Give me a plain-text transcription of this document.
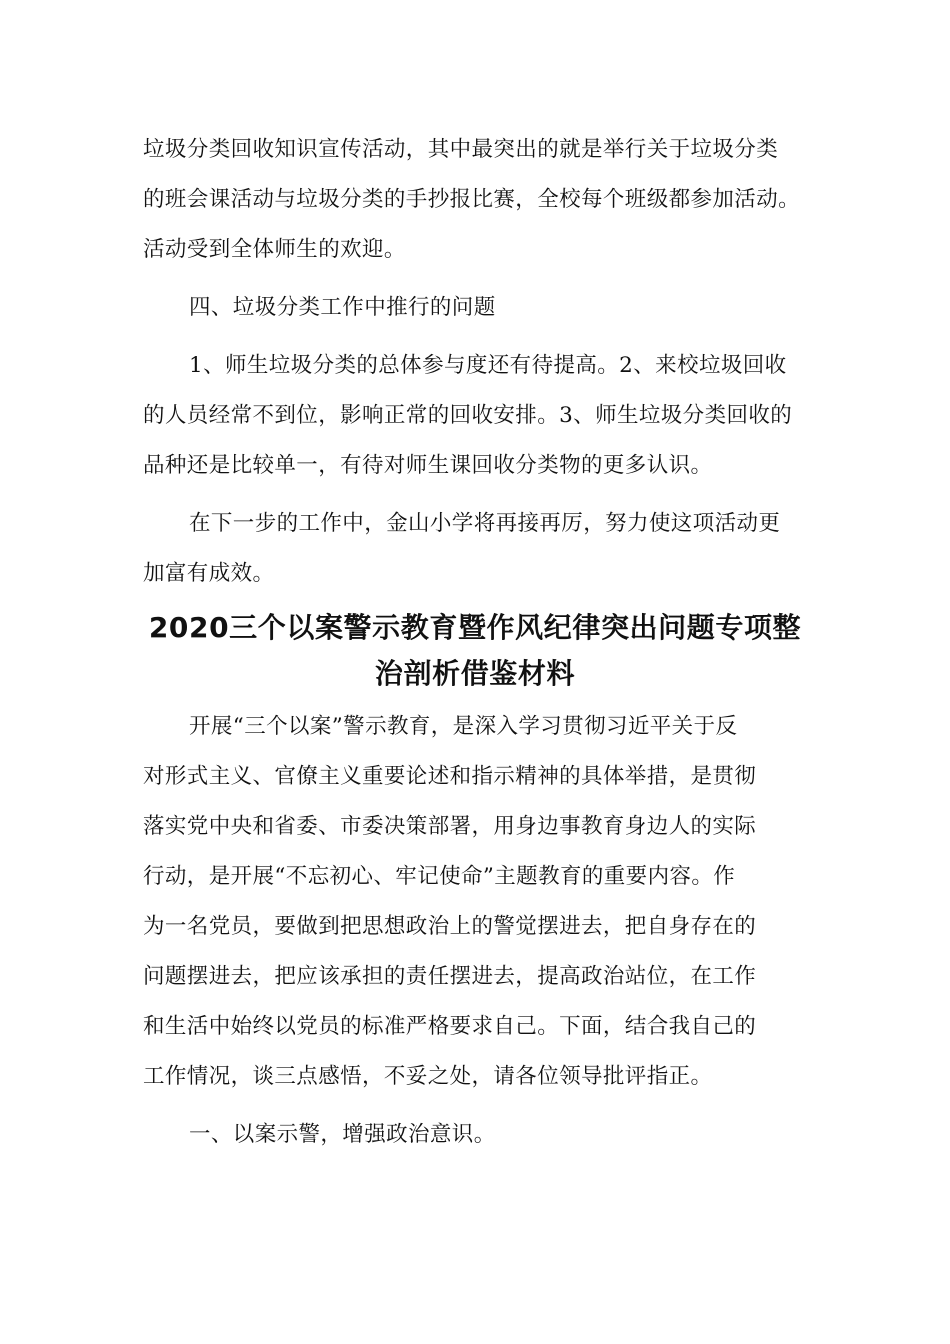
垃圾分类回收知识宣传活动，其中最突出的就是举行关于垃圾分类
的班会课活动与垃圾分类的手抄报比赛，全校每个班级都参加活动。
活动受到全体师生的欢迎。
四、垃圾分类工作中推行的问题
1、师生垃圾分类的总体参与度还有待提高。2、来校垃圾回收
的人员经常不到位，影响正常的回收安排。3、师生垃圾分类回收的
品种还是比较单一，有待对师生课回收分类物的更多认识。
在下一步的工作中，金山小学将再接再厉，努力使这项活动更
加富有成效。
2020三个以案警示教育暨作风纪律突出问题专项整
治剖析借鉴材料
开展“三个以案”警示教育，是深入学习贯彻习近平关于反
对形式主义、官僚主义重要论述和指示精神的具体举措，是贯彻
落实党中央和省委、市委决策部署，用身边事教育身边人的实际
行动，是开展“不忘初心、牢记使命”主题教育的重要内容。作
为一名党员，要做到把思想政治上的警觉摆进去，把自身存在的
问题摆进去，把应该承担的责任摆进去，提高政治站位，在工作
和生活中始终以党员的标准严格要求自己。下面，结合我自己的
工作情况，谈三点感悟，不妥之处，请各位领导批评指正。
一、以案示警，增强政治意识。
